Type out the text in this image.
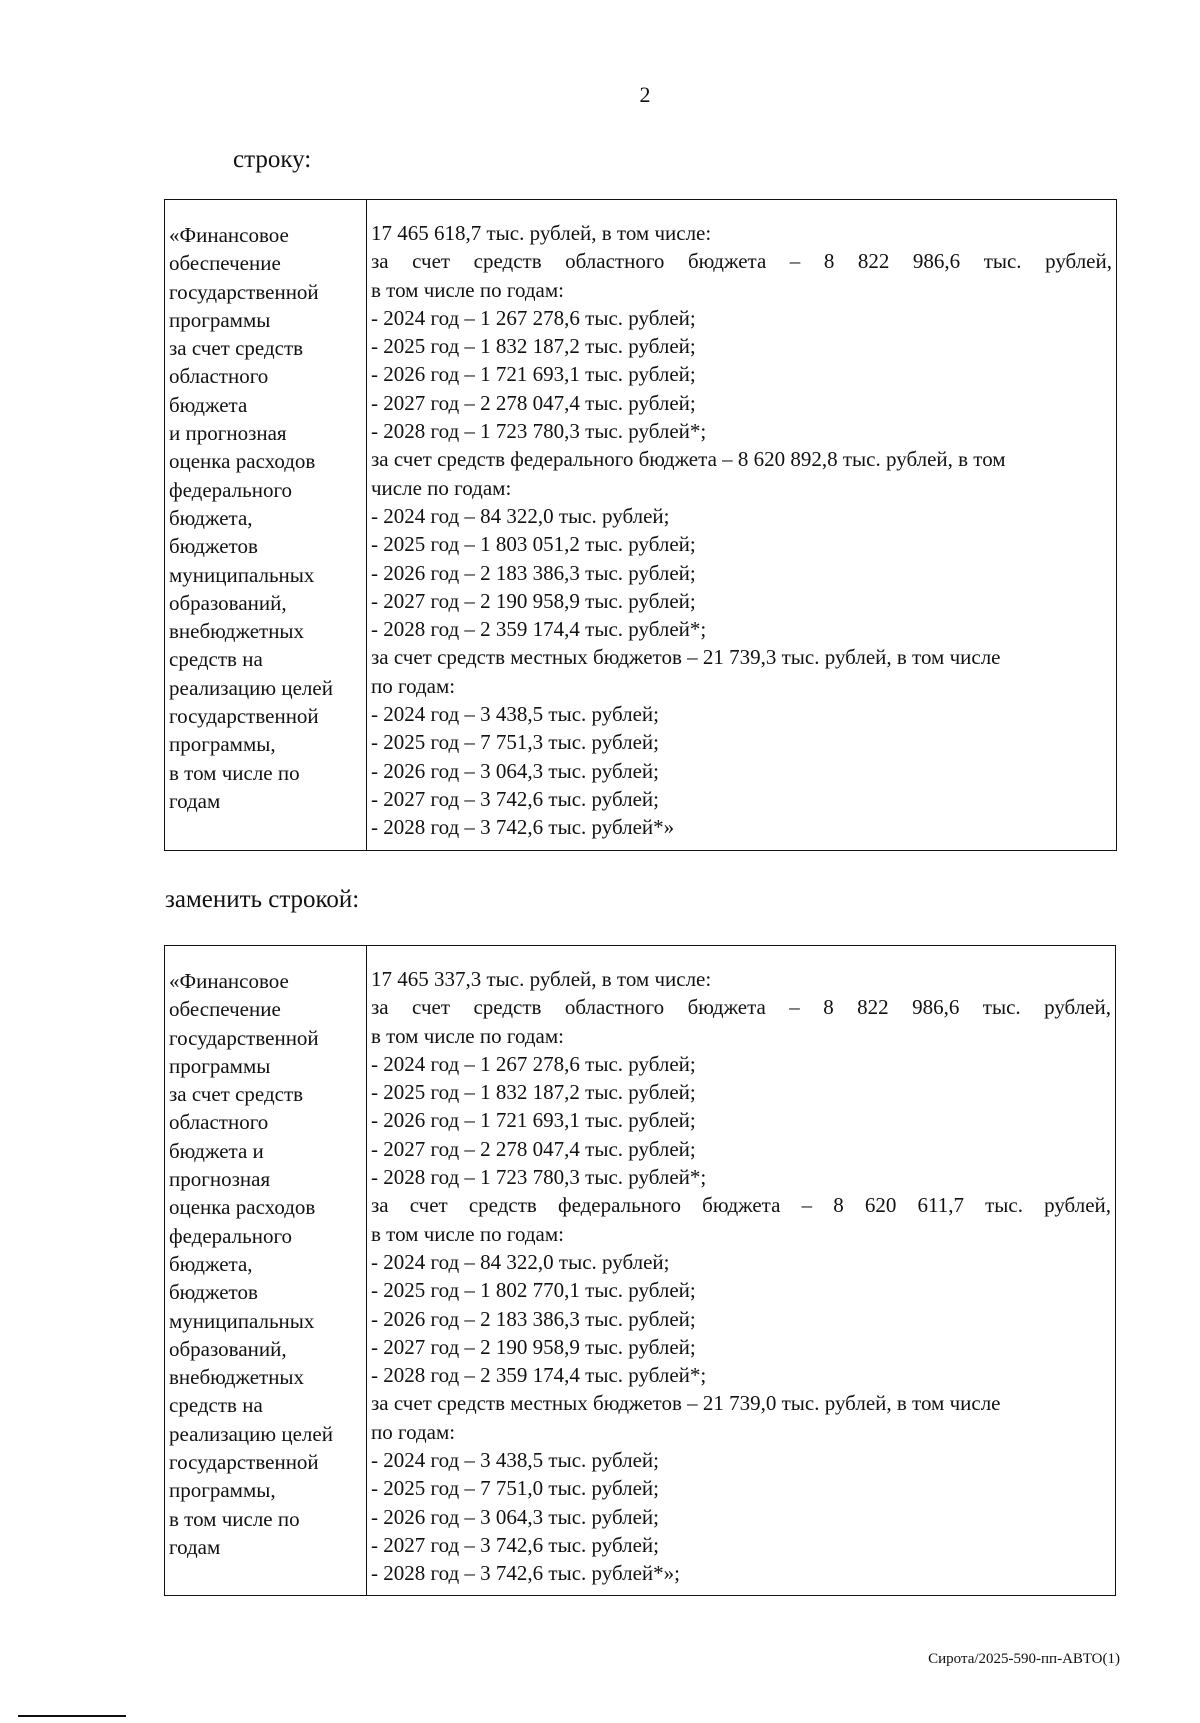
2
строку:
«Финансовое
обеспечение
государственной
программы
за счет средств
областного
бюджета
и прогнозная
оценка расходов
федерального
бюджета,
бюджетов
муниципальных
образований,
внебюджетных
средств на
реализацию целей
государственной
программы,
в том числе по
годам
17 465 618,7 тыс. рублей, в том числе:
за счет средств областного бюджета – 8 822 986,6 тыс. рублей,
в том числе по годам:
- 2024 год – 1 267 278,6 тыс. рублей;
- 2025 год – 1 832 187,2 тыс. рублей;
- 2026 год – 1 721 693,1 тыс. рублей;
- 2027 год – 2 278 047,4 тыс. рублей;
- 2028 год – 1 723 780,3 тыс. рублей*;
за счет средств федерального бюджета – 8 620 892,8 тыс. рублей, в том
числе по годам:
- 2024 год – 84 322,0 тыс. рублей;
- 2025 год – 1 803 051,2 тыс. рублей;
- 2026 год – 2 183 386,3 тыс. рублей;
- 2027 год – 2 190 958,9 тыс. рублей;
- 2028 год – 2 359 174,4 тыс. рублей*;
за счет средств местных бюджетов – 21 739,3 тыс. рублей, в том числе
по годам:
- 2024 год – 3 438,5 тыс. рублей;
- 2025 год – 7 751,3 тыс. рублей;
- 2026 год – 3 064,3 тыс. рублей;
- 2027 год – 3 742,6 тыс. рублей;
- 2028 год – 3 742,6 тыс. рублей*»
заменить строкой:
«Финансовое
обеспечение
государственной
программы
за счет средств
областного
бюджета и
прогнозная
оценка расходов
федерального
бюджета,
бюджетов
муниципальных
образований,
внебюджетных
средств на
реализацию целей
государственной
программы,
в том числе по
годам
17 465 337,3 тыс. рублей, в том числе:
за счет средств областного бюджета – 8 822 986,6 тыс. рублей,
в том числе по годам:
- 2024 год – 1 267 278,6 тыс. рублей;
- 2025 год – 1 832 187,2 тыс. рублей;
- 2026 год – 1 721 693,1 тыс. рублей;
- 2027 год – 2 278 047,4 тыс. рублей;
- 2028 год – 1 723 780,3 тыс. рублей*;
за счет средств федерального бюджета – 8 620 611,7 тыс. рублей,
в том числе по годам:
- 2024 год – 84 322,0 тыс. рублей;
- 2025 год – 1 802 770,1 тыс. рублей;
- 2026 год – 2 183 386,3 тыс. рублей;
- 2027 год – 2 190 958,9 тыс. рублей;
- 2028 год – 2 359 174,4 тыс. рублей*;
за счет средств местных бюджетов – 21 739,0 тыс. рублей, в том числе
по годам:
- 2024 год – 3 438,5 тыс. рублей;
- 2025 год – 7 751,0 тыс. рублей;
- 2026 год – 3 064,3 тыс. рублей;
- 2027 год – 3 742,6 тыс. рублей;
- 2028 год – 3 742,6 тыс. рублей*»;
Сирота/2025-590-пп-АВТО(1)
